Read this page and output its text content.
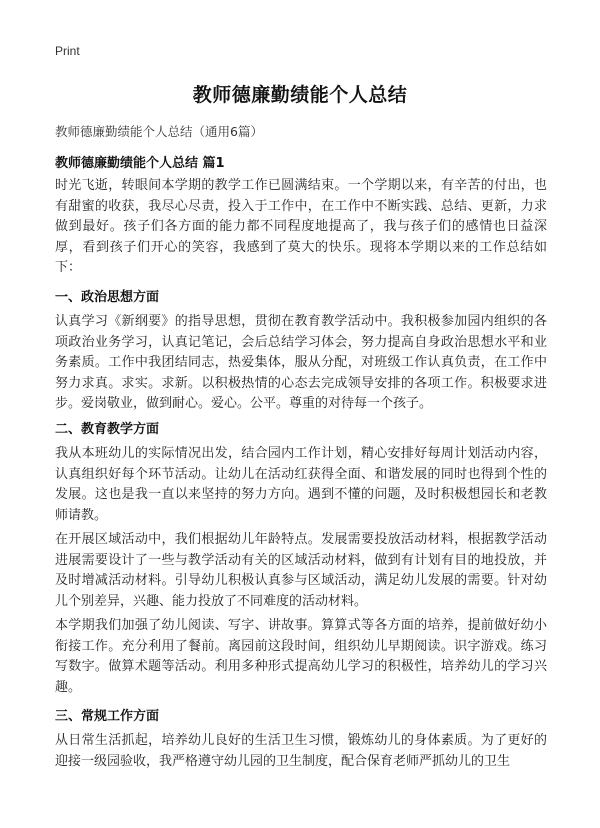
Print
教师德廉勤绩能个人总结
教师德廉勤绩能个人总结（通用6篇）
教师德廉勤绩能个人总结 篇1
时光飞逝，转眼间本学期的教学工作已圆满结束。一个学期以来，有辛苦的付出，也有甜蜜的收获，我尽心尽责，投入于工作中，在工作中不断实践、总结、更新，力求做到最好。孩子们各方面的能力都不同程度地提高了，我与孩子们的感情也日益深厚，看到孩子们开心的笑容，我感到了莫大的快乐。现将本学期以来的工作总结如下：
一、政治思想方面
认真学习《新纲要》的指导思想，贯彻在教育教学活动中。我积极参加园内组织的各项政治业务学习，认真记笔记，会后总结学习体会，努力提高自身政治思想水平和业务素质。工作中我团结同志，热爱集体，服从分配，对班级工作认真负责，在工作中努力求真。求实。求新。以积极热情的心态去完成领导安排的各项工作。积极要求进步。爱岗敬业，做到耐心。爱心。公平。尊重的对待每一个孩子。
二、教育教学方面
我从本班幼儿的实际情况出发，结合园内工作计划，精心安排好每周计划活动内容，认真组织好每个环节活动。让幼儿在活动红获得全面、和谐发展的同时也得到个性的发展。这也是我一直以来坚持的努力方向。遇到不懂的问题，及时积极想园长和老教师请教。
在开展区域活动中，我们根据幼儿年龄特点。发展需要投放活动材料，根据教学活动进展需要设计了一些与教学活动有关的区域活动材料，做到有计划有目的地投放，并及时增减活动材料。引导幼儿积极认真参与区域活动，满足幼儿发展的需要。针对幼儿个别差异，兴趣、能力投放了不同难度的活动材料。
本学期我们加强了幼儿阅读、写字、讲故事。算算式等各方面的培养，提前做好幼小衔接工作。充分利用了餐前。离园前这段时间，组织幼儿早期阅读。识字游戏。练习写数字。做算术题等活动。利用多种形式提高幼儿学习的积极性，培养幼儿的学习兴趣。
三、常规工作方面
从日常生活抓起，培养幼儿良好的生活卫生习惯，锻炼幼儿的身体素质。为了更好的迎接一级园验收，我严格遵守幼儿园的卫生制度，配合保育老师严抓幼儿的卫生
